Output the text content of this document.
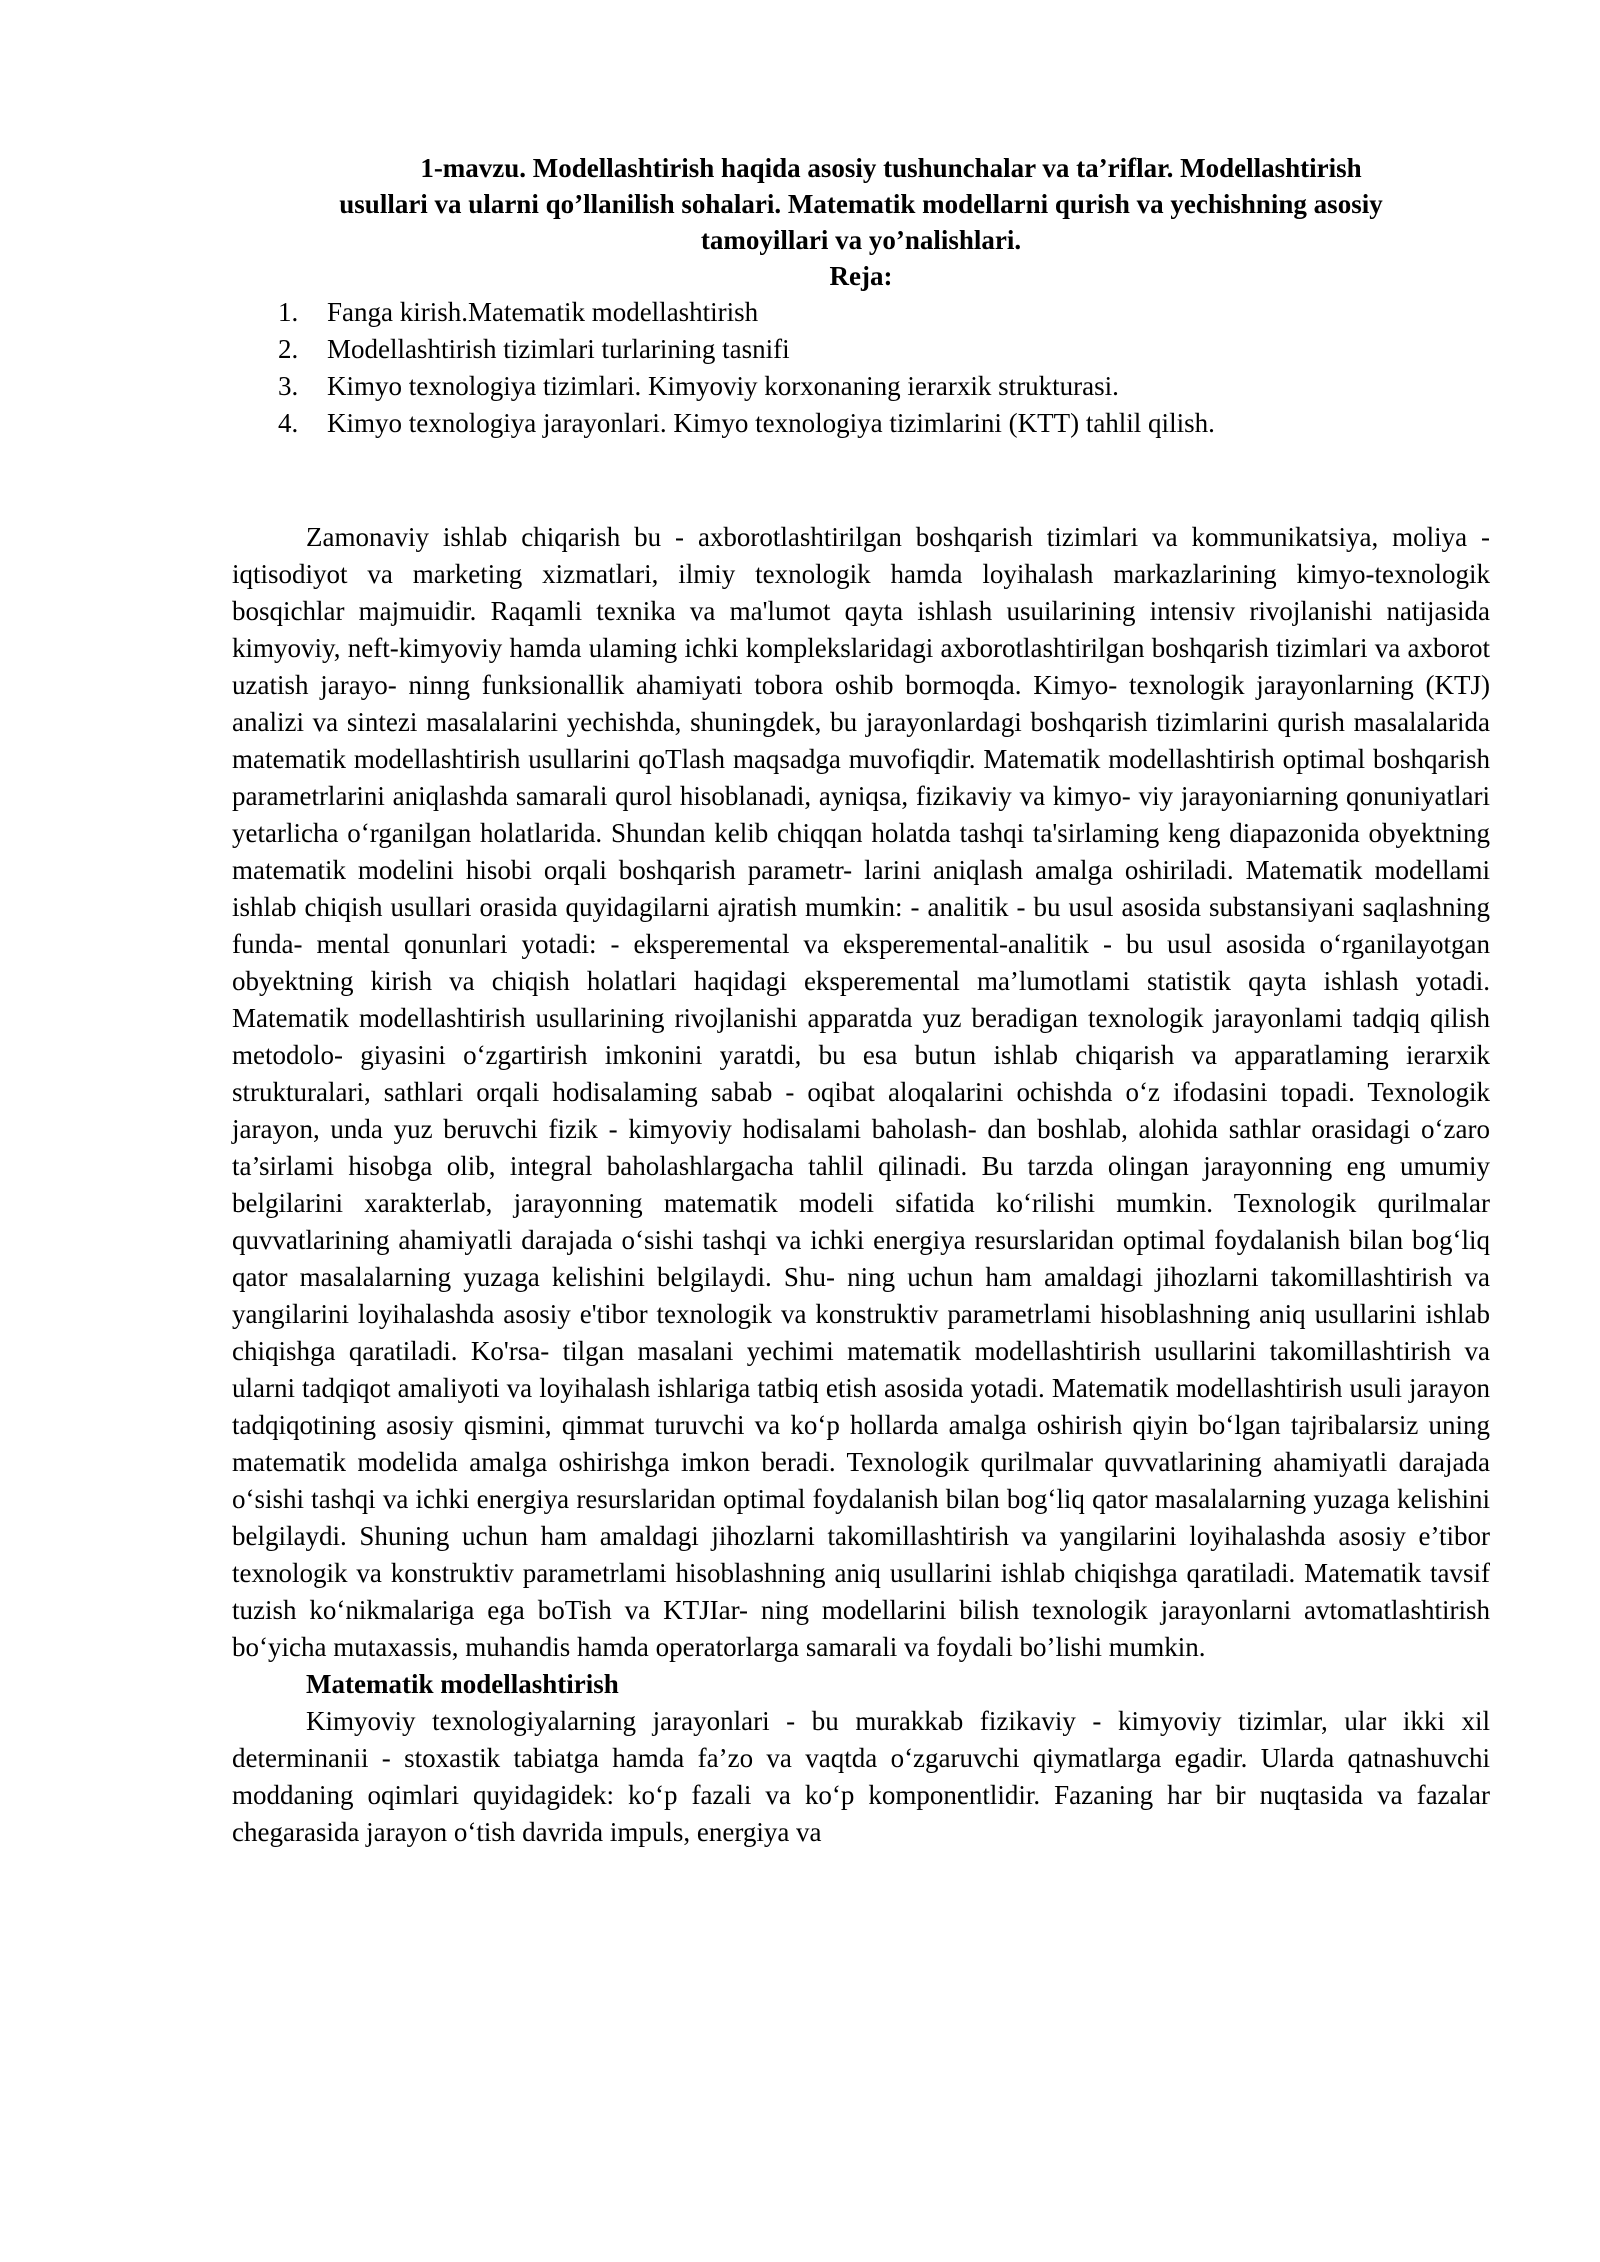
1-mavzu. Modellashtirish haqida asosiy tushunchalar va ta’riflar. Modellashtirish
usullari va ularni qo’llanilish sohalari. Matematik modellarni qurish va yechishning asosiy
tamoyillari va yo’nalishlari.
Reja:
1. Fanga kirish.Matematik modellashtirish
2. Modellashtirish tizimlari turlarining tasnifi
3. Kimyo texnologiya tizimlari. Kimyoviy korxonaning ierarxik strukturasi.
4. Kimyo texnologiya jarayonlari. Kimyo texnologiya tizimlarini (KTT) tahlil qilish.

Zamonaviy ishlab chiqarish bu - axborotlashtirilgan boshqarish tizimlari va kommunikatsiya, moliya - iqtisodiyot va marketing xizmatlari, ilmiy texnologik hamda loyihalash markazlarining kimyo-texnologik bosqichlar majmuidir. Raqamli texnika va ma'lumot qayta ishlash usuilarining intensiv rivojlanishi natijasida kimyoviy, neft-kimyoviy hamda ulaming ichki komplekslaridagi axborotlashtirilgan boshqarish tizimlari va axborot uzatish jarayo- ninng funksionallik ahamiyati tobora oshib bormoqda. Kimyo- texnologik jarayonlarning (KTJ) analizi va sintezi masalalarini yechishda, shuningdek, bu jarayonlardagi boshqarish tizimlarini qurish masalalarida matematik modellashtirish usullarini qoTlash maqsadga muvofiqdir. Matematik modellashtirish optimal boshqarish parametrlarini aniqlashda samarali qurol hisoblanadi, ayniqsa, fizikaviy va kimyo- viy jarayoniarning qonuniyatlari yetarlicha o‘rganilgan holatlarida. Shundan kelib chiqqan holatda tashqi ta'sirlaming keng diapazonida obyektning matematik modelini hisobi orqali boshqarish parametr- larini aniqlash amalga oshiriladi. Matematik modellami ishlab chiqish usullari orasida quyidagilarni ajratish mumkin: - analitik - bu usul asosida substansiyani saqlashning funda- mental qonunlari yotadi: - eksperemental va eksperemental-analitik - bu usul asosida o‘rganilayotgan obyektning kirish va chiqish holatlari haqidagi eksperemental ma’lumotlami statistik qayta ishlash yotadi. Matematik modellashtirish usullarining rivojlanishi apparatda yuz beradigan texnologik jarayonlami tadqiq qilish metodolo- giyasini o‘zgartirish imkonini yaratdi, bu esa butun ishlab chiqarish va apparatlaming ierarxik strukturalari, sathlari orqali hodisalaming sabab - oqibat aloqalarini ochishda o‘z ifodasini topadi. Texnologik jarayon, unda yuz beruvchi fizik - kimyoviy hodisalami baholash- dan boshlab, alohida sathlar orasidagi o‘zaro ta’sirlami hisobga olib, integral baholashlargacha tahlil qilinadi. Bu tarzda olingan jarayonning eng umumiy belgilarini xarakterlab, jarayonning matematik modeli sifatida ko‘rilishi mumkin. Texnologik qurilmalar quvvatlarining ahamiyatli darajada o‘sishi tashqi va ichki energiya resurslaridan optimal foydalanish bilan bog‘liq qator masalalarning yuzaga kelishini belgilaydi. Shu- ning uchun ham amaldagi jihozlarni takomillashtirish va yangilarini loyihalashda asosiy e'tibor texnologik va konstruktiv parametrlami hisoblashning aniq usullarini ishlab chiqishga qaratiladi. Ko'rsa- tilgan masalani yechimi matematik modellashtirish usullarini takomillashtirish va ularni tadqiqot amaliyoti va loyihalash ishlariga tatbiq etish asosida yotadi. Matematik modellashtirish usuli jarayon tadqiqotining asosiy qismini, qimmat turuvchi va ko‘p hollarda amalga oshirish qiyin bo‘lgan tajribalarsiz uning matematik modelida amalga oshirishga imkon beradi. Texnologik qurilmalar quvvatlarining ahamiyatli darajada o‘sishi tashqi va ichki energiya resurslaridan optimal foydalanish bilan bog‘liq qator masalalarning yuzaga kelishini belgilaydi. Shuning uchun ham amaldagi jihozlarni takomillashtirish va yangilarini loyihalashda asosiy e’tibor texnologik va konstruktiv parametrlami hisoblashning aniq usullarini ishlab chiqishga qaratiladi. Matematik tavsif tuzish ko‘nikmalariga ega boTish va KTJIar- ning modellarini bilish texnologik jarayonlarni avtomatlashtirish bo‘yicha mutaxassis, muhandis hamda operatorlarga samarali va foydali bo’lishi mumkin.

Matematik modellashtirish

Kimyoviy texnologiyalarning jarayonlari - bu murakkab fizikaviy - kimyoviy tizimlar, ular ikki xil determinanii - stoxastik tabiatga hamda fa’zo va vaqtda o‘zgaruvchi qiymatlarga egadir. Ularda qatnashuvchi moddaning oqimlari quyidagidek: ko‘p fazali va ko‘p komponentlidir. Fazaning har bir nuqtasida va fazalar chegarasida jarayon o‘tish davrida impuls, energiya va
